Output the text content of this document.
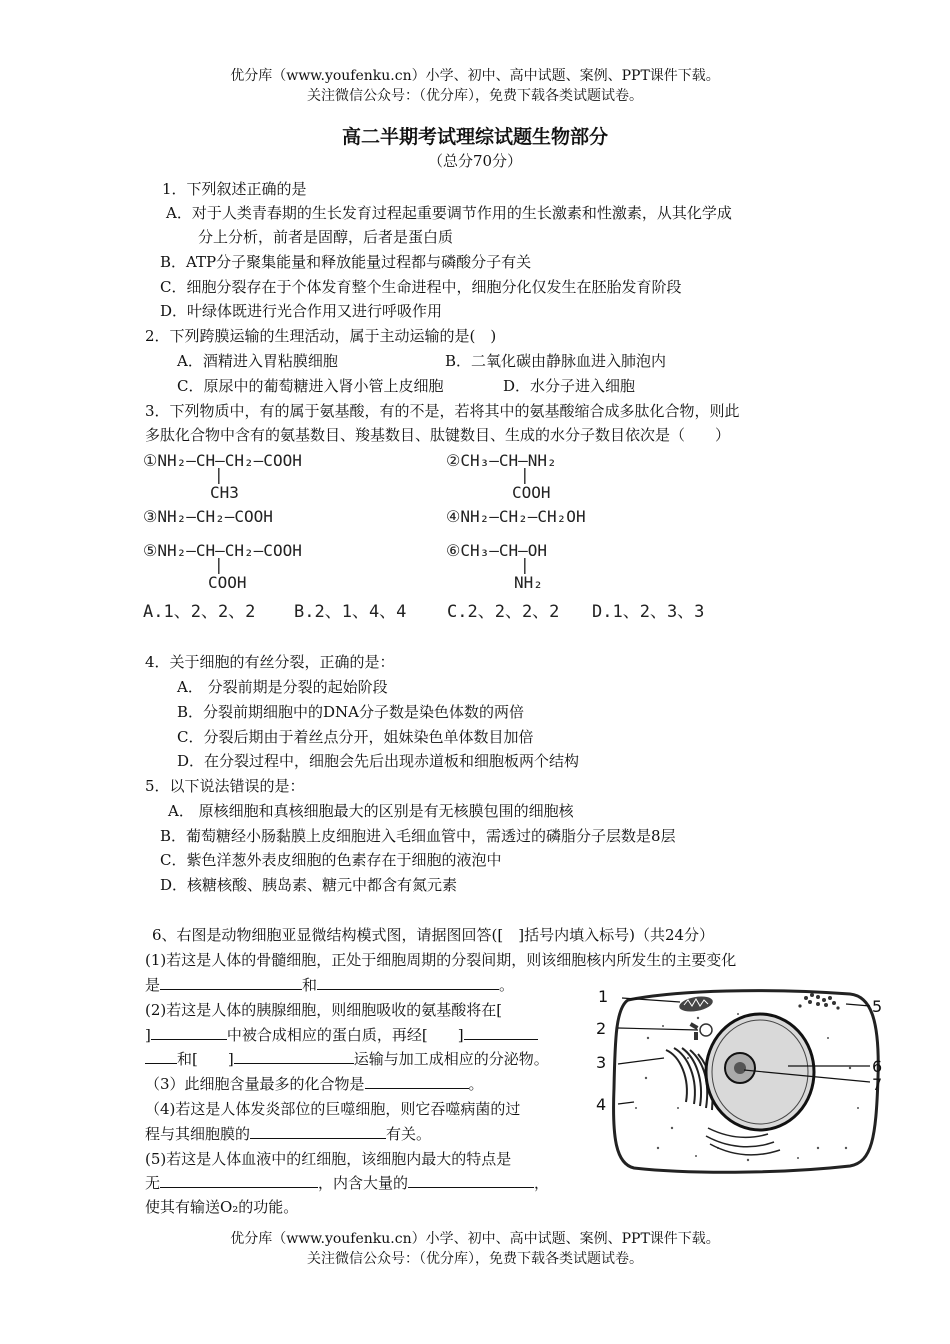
优分库（www.youfenku.cn）小学、初中、高中试题、案例、PPT课件下载。
关注微信公众号：（优分库），免费下载各类试题试卷。
高二半期考试理综试题生物部分
（总分70分）
1．下列叙述正确的是
A．对于人类青春期的生长发育过程起重要调节作用的生长激素和性激素，从其化学成
分上分析，前者是固醇，后者是蛋白质
B．ATP分子聚集能量和释放能量过程都与磷酸分子有关
C．细胞分裂存在于个体发育整个生命进程中，细胞分化仅发生在胚胎发育阶段
D．叶绿体既进行光合作用又进行呼吸作用
2．下列跨膜运输的生理活动，属于主动运输的是(　)
A．酒精进入胃粘膜细胞	B．二氧化碳由静脉血进入肺泡内
C．原尿中的葡萄糖进入肾小管上皮细胞	D．水分子进入细胞
3．下列物质中，有的属于氨基酸，有的不是，若将其中的氨基酸缩合成多肽化合物，则此
多肽化合物中含有的氨基数目、羧基数目、肽键数目、生成的水分子数目依次是（　　）
①NH₂—CH—CH₂—COOH
|
CH3
②CH₃—CH—NH₂
|
COOH
③NH₂—CH₂—COOH	④NH₂—CH₂—CH₂OH
⑤NH₂—CH—CH₂—COOH
|
COOH
⑥CH₃—CH—OH
|
NH₂
A.1、2、2、2 B.2、1、4、4 C.2、2、2、2 D.1、2、3、3
4．关于细胞的有丝分裂，正确的是：
A． 分裂前期是分裂的起始阶段
B．分裂前期细胞中的DNA分子数是染色体数的两倍
C．分裂后期由于着丝点分开，姐妹染色单体数目加倍
D．在分裂过程中，细胞会先后出现赤道板和细胞板两个结构
5．以下说法错误的是：
A． 原核细胞和真核细胞最大的区别是有无核膜包围的细胞核
B．葡萄糖经小肠黏膜上皮细胞进入毛细血管中，需透过的磷脂分子层数是8层
C．紫色洋葱外表皮细胞的色素存在于细胞的液泡中
D．核糖核酸、胰岛素、糖元中都含有氮元素
6、右图是动物细胞亚显微结构模式图，请据图回答([　]括号内填入标号)（共24分）
(1)若这是人体的骨髓细胞，正处于细胞周期的分裂间期，则该细胞核内所发生的主要变化
是	和	。
(2)若这是人体的胰腺细胞，则细胞吸收的氨基酸将在[
]	中被合成相应的蛋白质，再经[　　]
和[　　]	运输与加工成相应的分泌物。
（3）此细胞含量最多的化合物是	。
（4)若这是人体发炎部位的巨噬细胞，则它吞噬病菌的过
程与其细胞膜的	有关。
(5)若这是人体血液中的红细胞，该细胞内最大的特点是
无	，内含大量的	，
使其有输送O₂的功能。
1
2
3
4
5
6
7
优分库（www.youfenku.cn）小学、初中、高中试题、案例、PPT课件下载。
关注微信公众号：（优分库），免费下载各类试题试卷。
